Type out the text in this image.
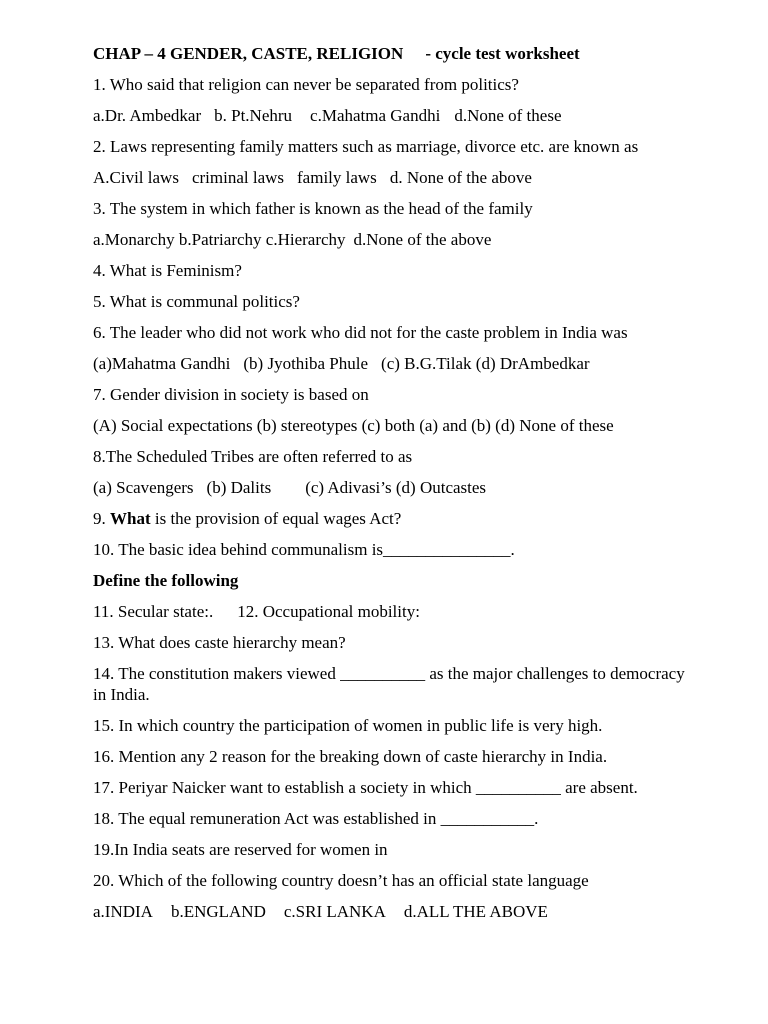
CHAP – 4 GENDER, CASTE, RELIGION - cycle test worksheet
1. Who said that religion can never be separated from politics?
a.Dr. Ambedkar b. Pt.Nehru c.Mahatma Gandhi d.None of these
2. Laws representing family matters such as marriage, divorce etc. are known as
A.Civil laws criminal laws family laws d. None of the above
3. The system in which father is known as the head of the family
a.Monarchy b.Patriarchy c.Hierarchy d.None of the above
4. What is Feminism?
5. What is communal politics?
6. The leader who did not work who did not for the caste problem in India was
(a)Mahatma Gandhi (b) Jyothiba Phule (c) B.G.Tilak (d) DrAmbedkar
7. Gender division in society is based on
(A) Social expectations (b) stereotypes (c) both (a) and (b) (d) None of these
8.The Scheduled Tribes are often referred to as
(a) Scavengers (b) Dalits (c) Adivasi’s (d) Outcastes
9. What is the provision of equal wages Act?
10. The basic idea behind communalism is_______________.
Define the following
11. Secular state:. 12. Occupational mobility:
13. What does caste hierarchy mean?
14. The constitution makers viewed __________ as the major challenges to democracy in India.
15. In which country the participation of women in public life is very high.
16. Mention any 2 reason for the breaking down of caste hierarchy in India.
17. Periyar Naicker want to establish a society in which __________ are absent.
18. The equal remuneration Act was established in ___________.
19.In India seats are reserved for women in
20. Which of the following country doesn’t has an official state language
a.INDIA b.ENGLAND c.SRI LANKA d.ALL THE ABOVE
